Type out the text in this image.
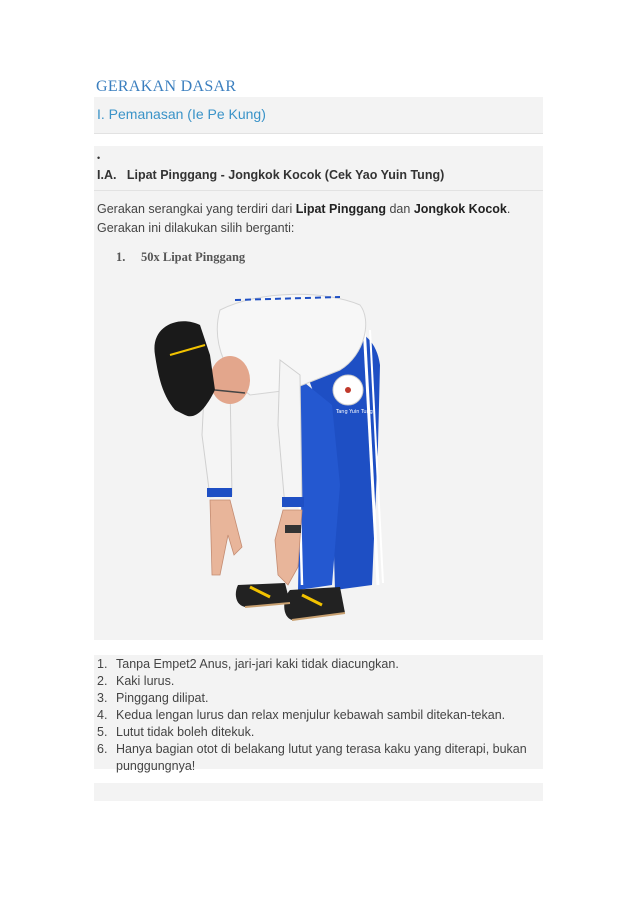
GERAKAN DASAR
I. Pemanasan (Ie Pe Kung)
•
I.A.   Lipat Pinggang - Jongkok Kocok (Cek Yao Yuin Tung)
Gerakan serangkai yang terdiri dari Lipat Pinggang dan Jongkok Kocok.
Gerakan ini dilakukan silih berganti:
1.     50x Lipat Pinggang
Tang Yuin Tung
1. Tanpa Empet2 Anus, jari-jari kaki tidak diacungkan.
2. Kaki lurus.
3. Pinggang dilipat.
4. Kedua lengan lurus dan relax menjulur kebawah sambil ditekan-tekan.
5. Lutut tidak boleh ditekuk.
6. Hanya bagian otot di belakang lutut yang terasa kaku yang diterapi, bukan punggungnya!
